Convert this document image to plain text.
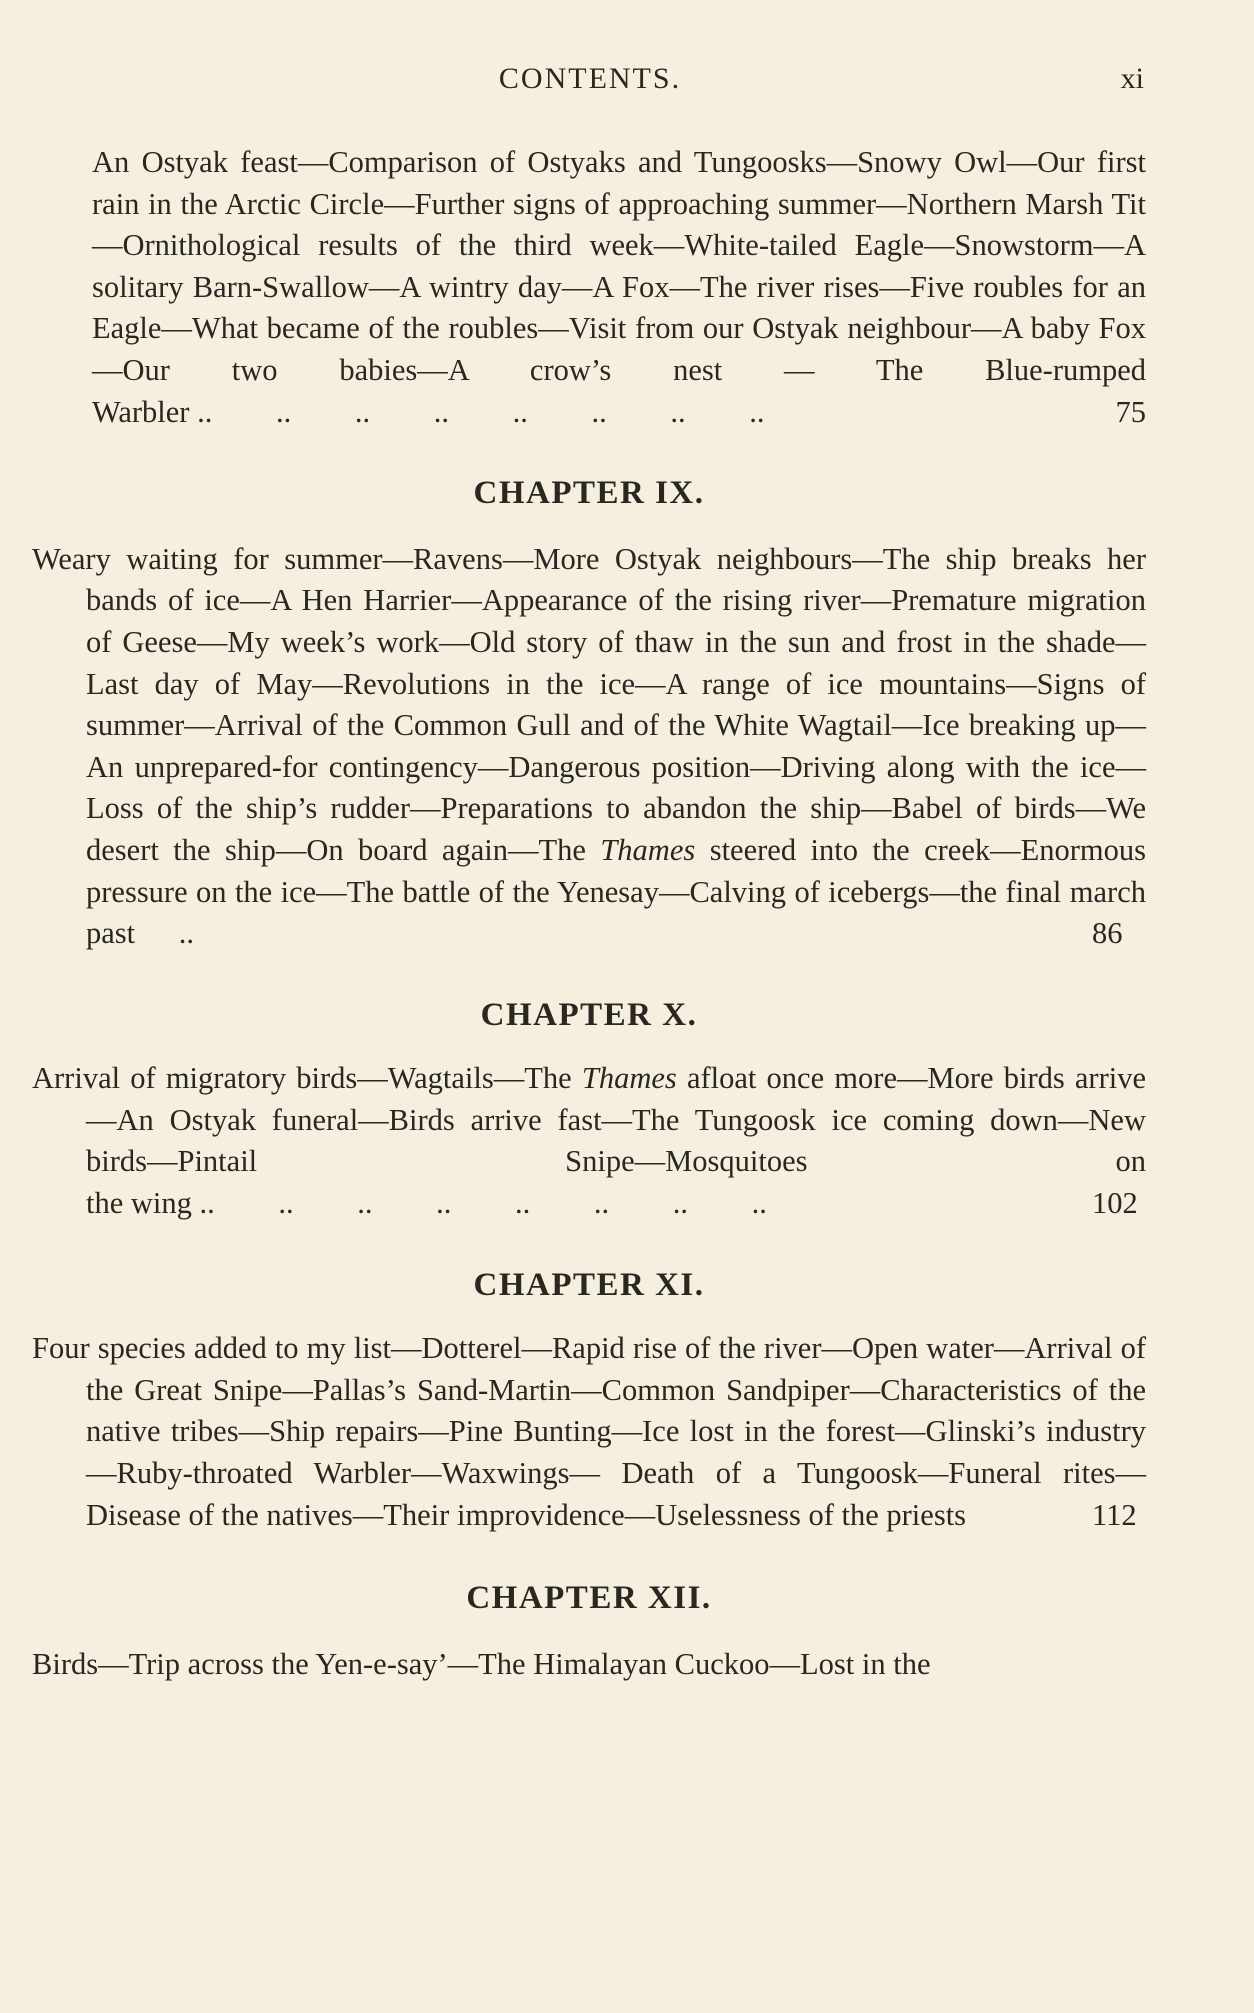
CONTENTS.	xi

An Ostyak feast—Comparison of Ostyaks and Tungoosks—Snowy Owl—Our first rain in the Arctic Circle—Further signs of approaching summer—Northern Marsh Tit—Ornithological results of the third week—White-tailed Eagle—Snowstorm—A solitary Barn-Swallow—A wintry day—A Fox—The river rises—Five roubles for an Eagle—What became of the roubles—Visit from our Ostyak neighbour—A baby Fox—Our two babies—A crow’s nest — The Blue-rumped Warbler .. .. .. .. .. .. .. ..	75

CHAPTER IX.

Weary waiting for summer—Ravens—More Ostyak neighbours—The ship breaks her bands of ice—A Hen Harrier—Appearance of the rising river—Premature migration of Geese—My week’s work—Old story of thaw in the sun and frost in the shade—Last day of May—Revolutions in the ice—A range of ice mountains—Signs of summer—Arrival of the Common Gull and of the White Wagtail—Ice breaking up—An unprepared-for contingency—Dangerous position—Driving along with the ice—Loss of the ship’s rudder—Preparations to abandon the ship—Babel of birds—We desert the ship—On board again—The Thames steered into the creek—Enormous pressure on the ice—The battle of the Yenesay—Calving of icebergs—the final march past ..	86

CHAPTER X.

Arrival of migratory birds—Wagtails—The Thames afloat once more—More birds arrive—An Ostyak funeral—Birds arrive fast—The Tungoosk ice coming down—New birds—Pintail Snipe—Mosquitoes on the wing .. .. .. .. .. .. .. ..	102

CHAPTER XI.

Four species added to my list—Dotterel—Rapid rise of the river—Open water—Arrival of the Great Snipe—Pallas’s Sand-Martin—Common Sandpiper—Characteristics of the native tribes—Ship repairs—Pine Bunting—Ice lost in the forest—Glinski’s industry—Ruby-throated Warbler—Waxwings— Death of a Tungoosk—Funeral rites—Disease of the natives—Their improvidence—Uselessness of the priests	112

CHAPTER XII.

Birds—Trip across the Yen-e-say’—The Himalayan Cuckoo—Lost in the
